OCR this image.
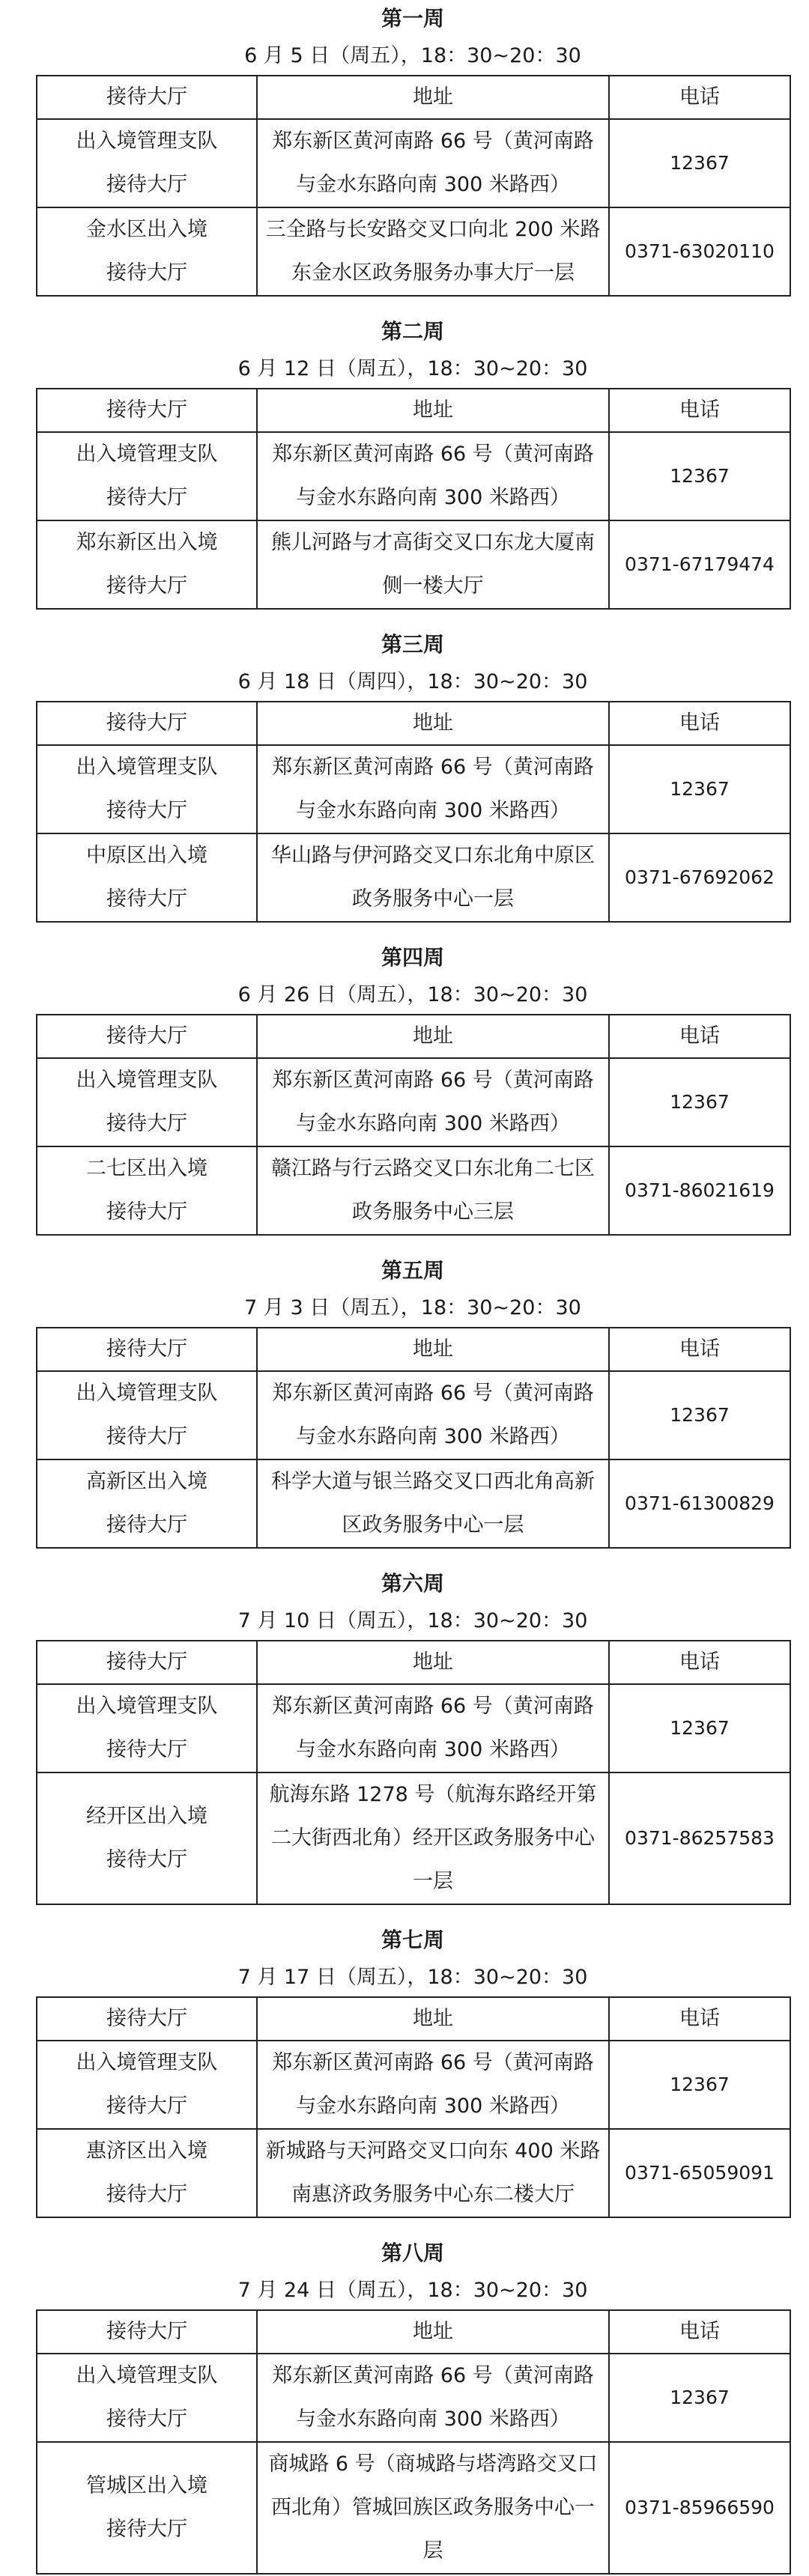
第一周
6 月 5 日（周五），18：30~20：30
接待大厅	地址	电话
出入境管理支队
接待大厅	郑东新区黄河南路 66 号（黄河南路与金水东路向南 300 米路西）	12367
金水区出入境
接待大厅	三全路与长安路交叉口向北 200 米路东金水区政务服务办事大厅一层	0371-63020110
第二周
6 月 12 日（周五），18：30~20：30
接待大厅	地址	电话
出入境管理支队
接待大厅	郑东新区黄河南路 66 号（黄河南路与金水东路向南 300 米路西）	12367
郑东新区出入境
接待大厅	熊儿河路与才高街交叉口东龙大厦南侧一楼大厅	0371-67179474
第三周
6 月 18 日（周四），18：30~20：30
接待大厅	地址	电话
出入境管理支队
接待大厅	郑东新区黄河南路 66 号（黄河南路与金水东路向南 300 米路西）	12367
中原区出入境
接待大厅	华山路与伊河路交叉口东北角中原区政务服务中心一层	0371-67692062
第四周
6 月 26 日（周五），18：30~20：30
接待大厅	地址	电话
出入境管理支队
接待大厅	郑东新区黄河南路 66 号（黄河南路与金水东路向南 300 米路西）	12367
二七区出入境
接待大厅	赣江路与行云路交叉口东北角二七区政务服务中心三层	0371-86021619
第五周
7 月 3 日（周五），18：30~20：30
接待大厅	地址	电话
出入境管理支队
接待大厅	郑东新区黄河南路 66 号（黄河南路与金水东路向南 300 米路西）	12367
高新区出入境
接待大厅	科学大道与银兰路交叉口西北角高新区政务服务中心一层	0371-61300829
第六周
7 月 10 日（周五），18：30~20：30
接待大厅	地址	电话
出入境管理支队
接待大厅	郑东新区黄河南路 66 号（黄河南路与金水东路向南 300 米路西）	12367
经开区出入境
接待大厅	航海东路 1278 号（航海东路经开第二大街西北角）经开区政务服务中心一层	0371-86257583
第七周
7 月 17 日（周五），18：30~20：30
接待大厅	地址	电话
出入境管理支队
接待大厅	郑东新区黄河南路 66 号（黄河南路与金水东路向南 300 米路西）	12367
惠济区出入境
接待大厅	新城路与天河路交叉口向东 400 米路南惠济政务服务中心东二楼大厅	0371-65059091
第八周
7 月 24 日（周五），18：30~20：30
接待大厅	地址	电话
出入境管理支队
接待大厅	郑东新区黄河南路 66 号（黄河南路与金水东路向南 300 米路西）	12367
管城区出入境
接待大厅	商城路 6 号（商城路与塔湾路交叉口西北角）管城回族区政务服务中心一层	0371-85966590
